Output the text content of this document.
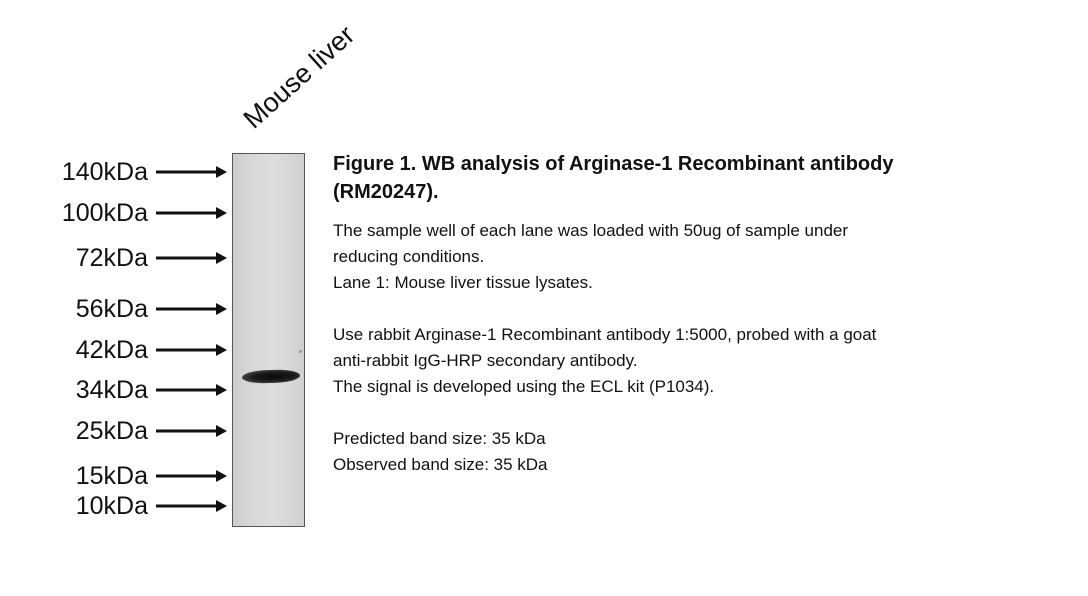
Mouse liver
140kDa
100kDa
72kDa
56kDa
42kDa
34kDa
25kDa
15kDa
10kDa
Figure 1. WB analysis of Arginase-1 Recombinant antibody
(RM20247).

The sample well of each lane was loaded with 50ug of sample under

reducing conditions.

Lane 1: Mouse liver tissue lysates.

Use rabbit Arginase-1 Recombinant antibody 1:5000, probed with a goat

anti-rabbit IgG-HRP secondary antibody.

The signal is developed using the ECL kit (P1034).

Predicted band size: 35 kDa

Observed band size: 35 kDa
